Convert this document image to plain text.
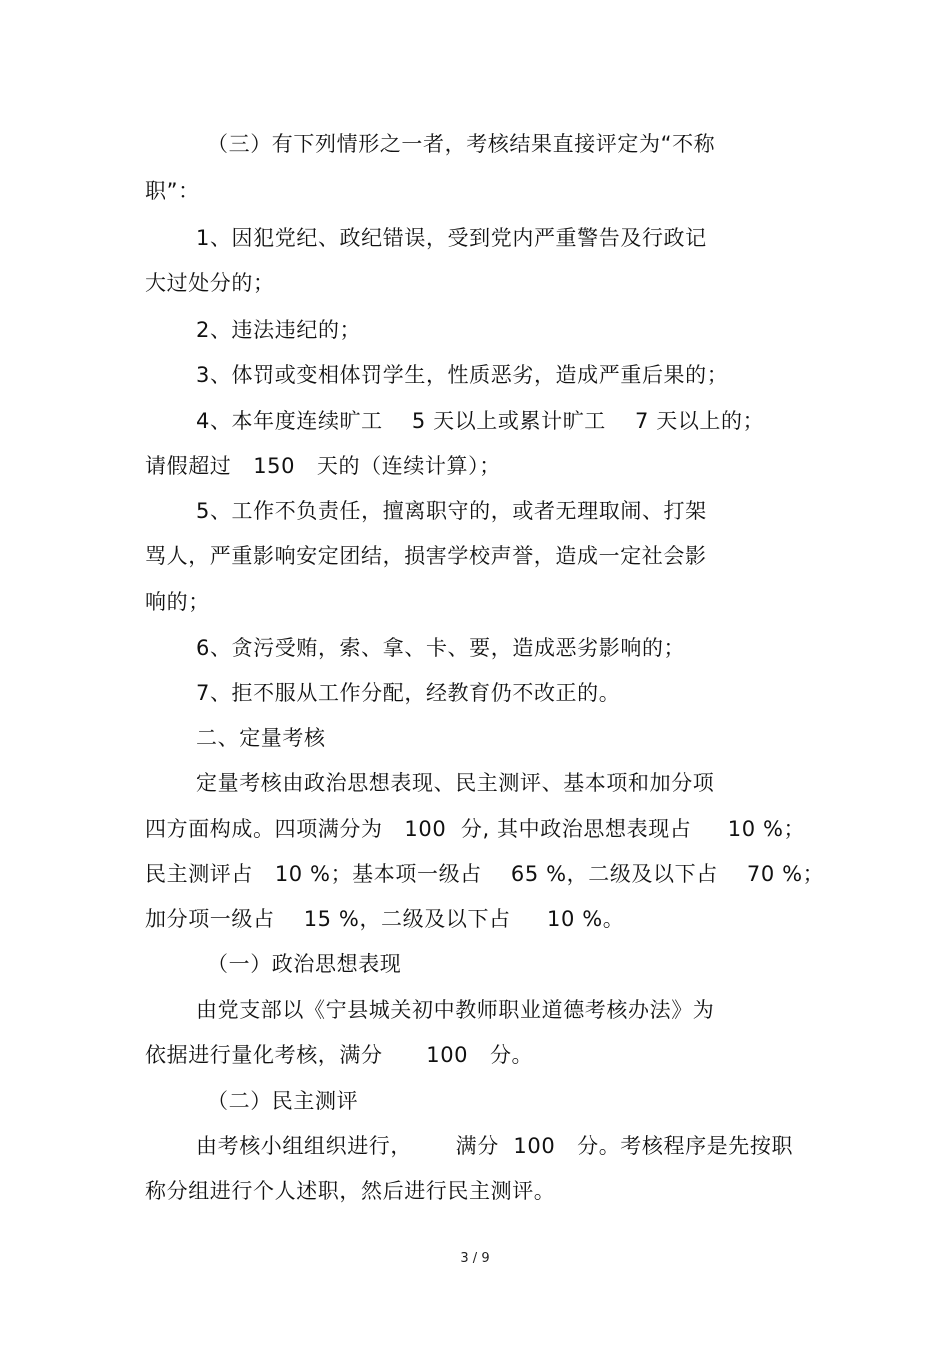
（三）有下列情形之一者，考核结果直接评定为“不称
职”：
1、因犯党纪、政纪错误，受到党内严重警告及行政记
大过处分的；
2、违法违纪的；
3、体罚或变相体罚学生，性质恶劣，造成严重后果的；
4、本年度连续旷工    5 天以上或累计旷工    7 天以上的；
请假超过   150   天的（连续计算）；
5、工作不负责任，擅离职守的，或者无理取闹、打架
骂人，严重影响安定团结，损害学校声誉，造成一定社会影
响的；
6、贪污受贿，索、拿、卡、要，造成恶劣影响的；
7、拒不服从工作分配，经教育仍不改正的。
二、定量考核
定量考核由政治思想表现、民主测评、基本项和加分项
四方面构成。四项满分为   100  分, 其中政治思想表现占     10 %；
民主测评占   10 %；基本项一级占    65 %，二级及以下占    70 %；
加分项一级占    15 %，二级及以下占     10 %。
（一）政治思想表现
由党支部以《宁县城关初中教师职业道德考核办法》为
依据进行量化考核，满分      100   分。
（二）民主测评
由考核小组组织进行，      满分  100   分。考核程序是先按职
称分组进行个人述职，然后进行民主测评。
3 / 9
